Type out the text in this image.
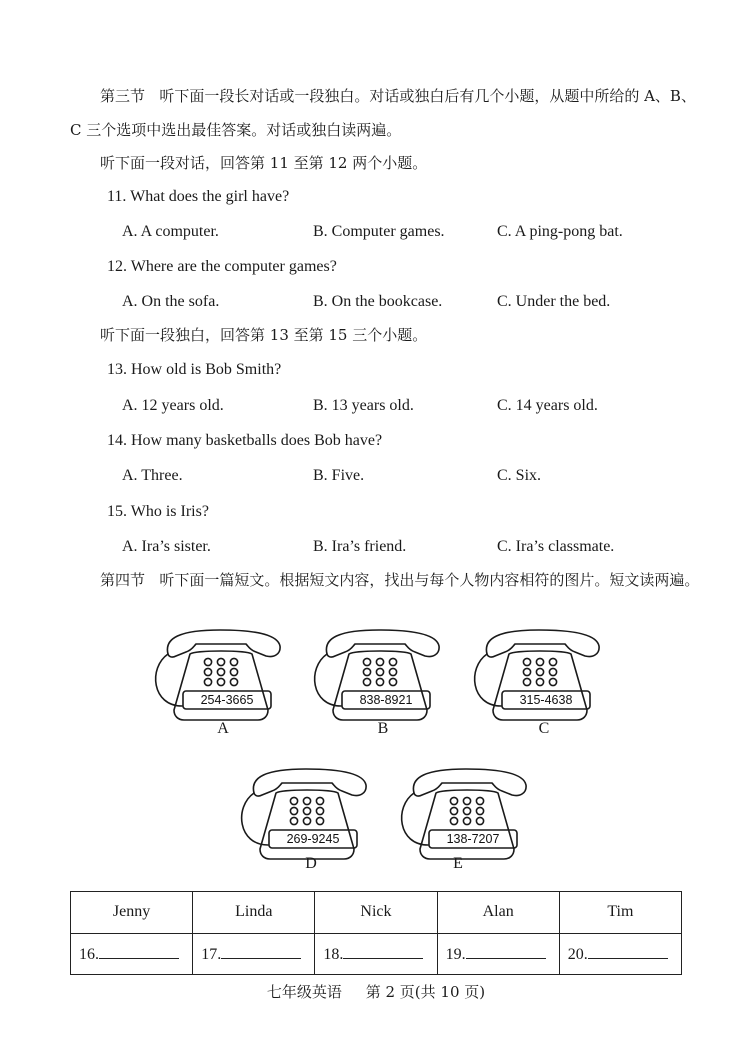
第三节 听下面一段长对话或一段独白。对话或独白后有几个小题，从题中所给的 A、B、
C 三个选项中选出最佳答案。对话或独白读两遍。
听下面一段对话，回答第 11 至第 12 两个小题。
11. What does the girl have?
A. A computer.	B. Computer games.	C. A ping-pong bat.
12. Where are the computer games?
A. On the sofa.	B. On the bookcase.	C. Under the bed.
听下面一段独白，回答第 13 至第 15 三个小题。
13. How old is Bob Smith?
A. 12 years old.	B. 13 years old.	C. 14 years old.
14. How many basketballs does Bob have?
A. Three.	B. Five.	C. Six.
15. Who is Iris?
A. Ira’s sister.	B. Ira’s friend.	C. Ira’s classmate.
第四节 听下面一篇短文。根据短文内容，找出与每个人物内容相符的图片。短文读两遍。
254-3665
A
838-8921
B
315-4638
C
269-9245
D
138-7207
E
Jenny	Linda	Nick	Alan	Tim
16.	17.	18.	19.	20.
七年级英语 第 2 页(共 10 页)
